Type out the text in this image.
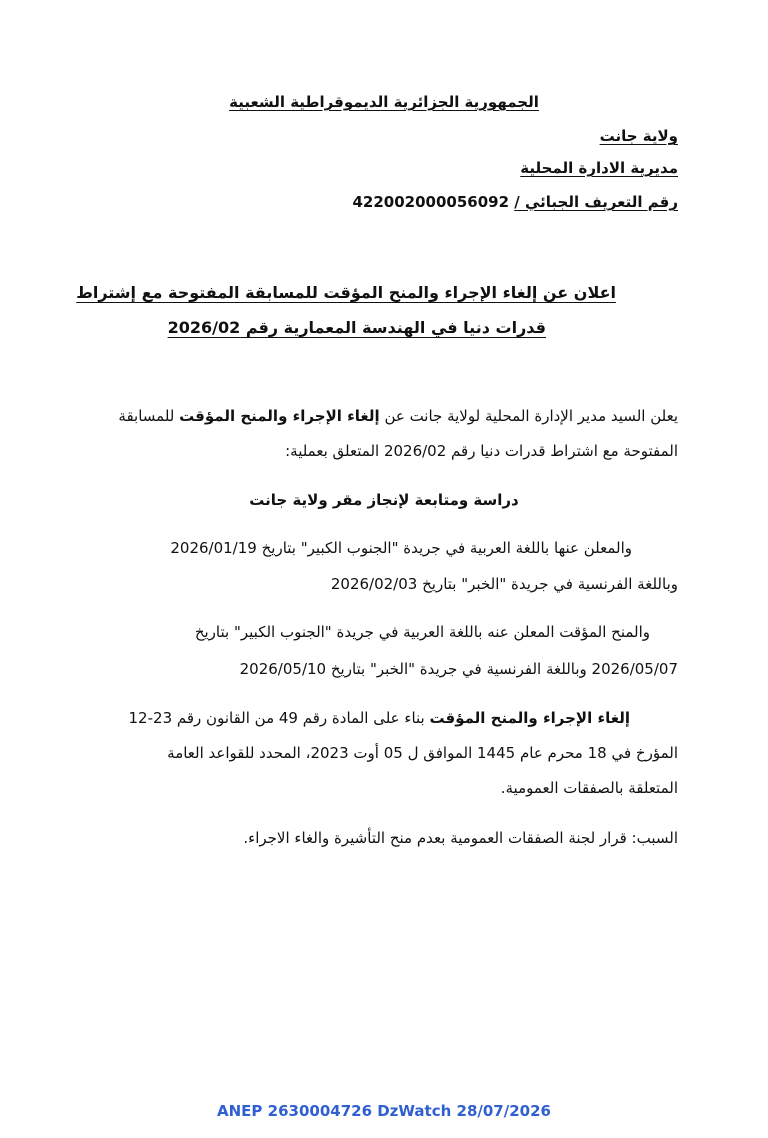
الجمهورية الجزائرية الديموقراطية الشعبية

ولاية جانت

مديرية الادارة المحلية

رقم التعريف الجبائي / 422002000056092

اعلان عن إلغاء الإجراء والمنح المؤقت للمسابقة المفتوحة مع إشتراط

قدرات دنيا في الهندسة المعمارية رقم 2026/02

يعلن السيد مدير الإدارة المحلية لولاية جانت عن إلغاء الإجراء والمنح المؤقت للمسابقة

المفتوحة مع اشتراط قدرات دنيا رقم 2026/02 المتعلق بعملية:

دراسة ومتابعة لإنجاز مقر ولاية جانت

والمعلن عنها باللغة العربية في جريدة "الجنوب الكبير" بتاريخ 2026/01/19

وباللغة الفرنسية في جريدة "الخبر" بتاريخ 2026/02/03

والمنح المؤقت المعلن عنه باللغة العربية في جريدة "الجنوب الكبير" بتاريخ

2026/05/07 وباللغة الفرنسية في جريدة "الخبر" بتاريخ 2026/05/10

إلغاء الإجراء والمنح المؤقت بناء على المادة رقم 49 من القانون رقم 23-12

المؤرخ في 18 محرم عام 1445 الموافق ل 05 أوت 2023، المحدد للقواعد العامة

المتعلقة بالصفقات العمومية.

السبب: قرار لجنة الصفقات العمومية بعدم منح التأشيرة والغاء الاجراء.

ANEP 2630004726 DzWatch 28/07/2026
